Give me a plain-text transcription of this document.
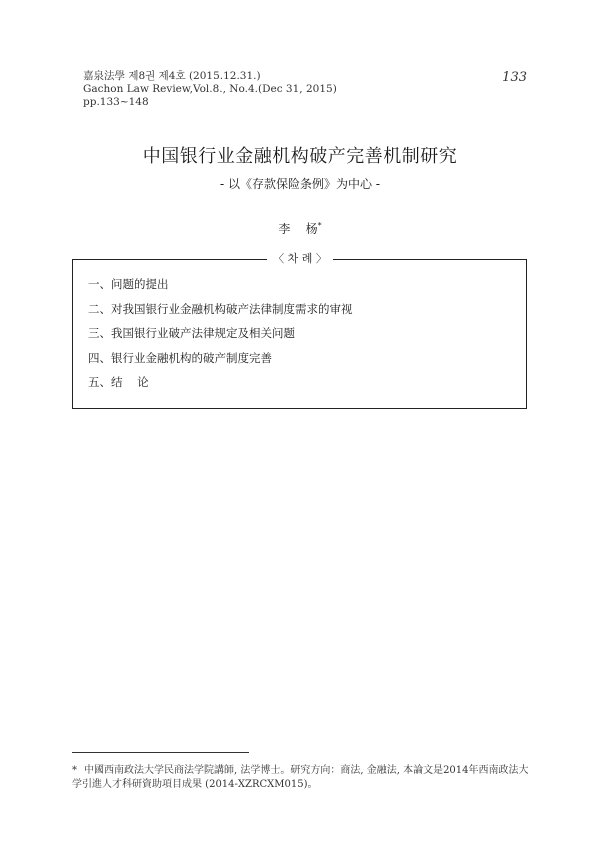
嘉泉法學 제8권 제4호 (2015.12.31.)
Gachon Law Review,Vol.8., No.4.(Dec 31, 2015)
pp.133~148
133
中国银行业金融机构破产完善机制研究
- 以《存款保险条例》为中心 -
李    杨*
〈 차 례 〉
一、问题的提出
二、对我国银行业金融机构破产法律制度需求的审视
三、我国银行业破产法律规定及相关问题
四、银行业金融机构的破产制度完善
五、结    论
* 中國西南政法大学民商法学院講師, 法学博士。研究方向：商法, 金融法, 本論文是2014年西南政法大学引進人才科研資助項目成果 (2014-XZRCXM015)。
